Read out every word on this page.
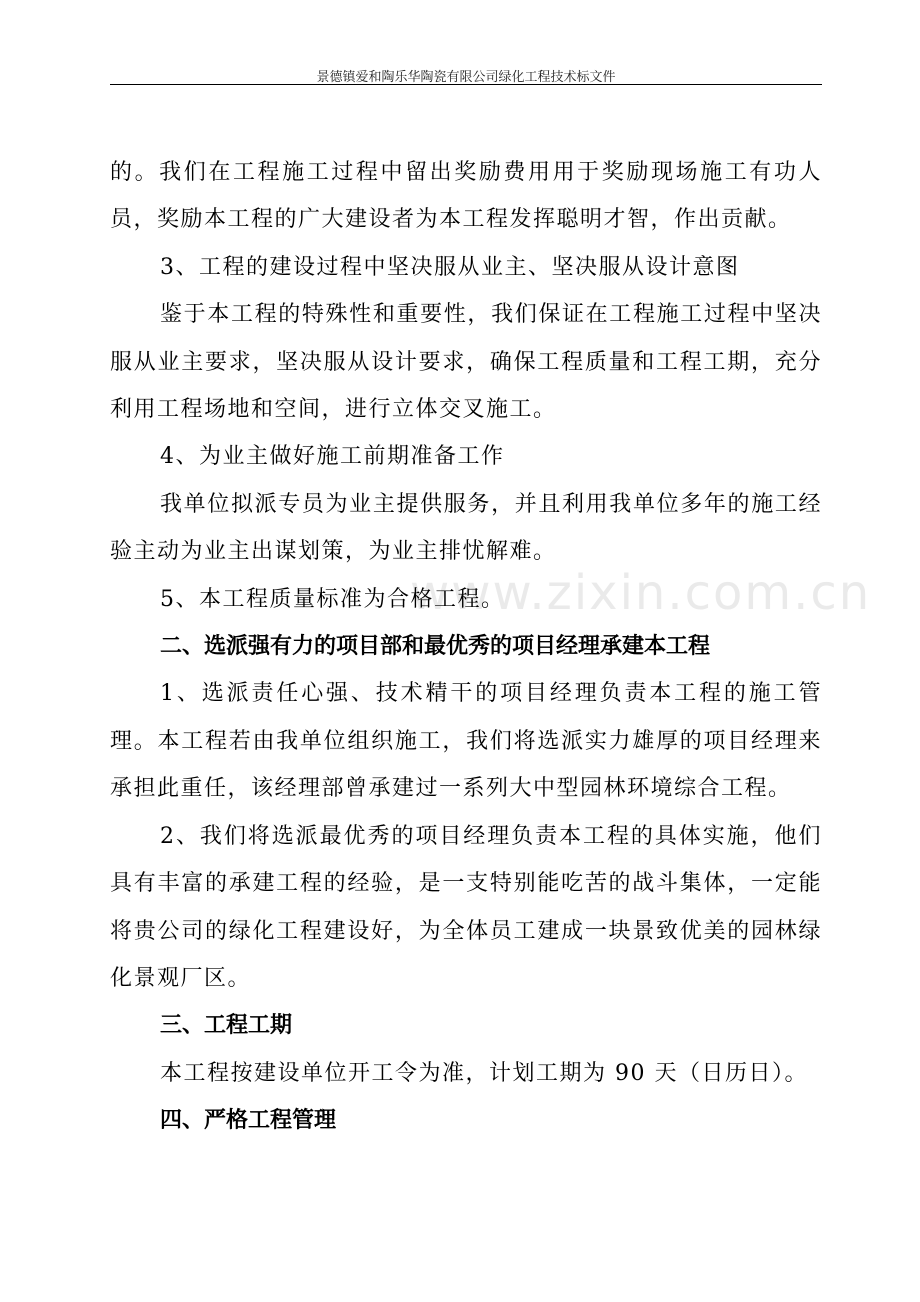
景德镇爱和陶乐华陶瓷有限公司绿化工程技术标文件
www.zixin.com.cn

的。我们在工程施工过程中留出奖励费用用于奖励现场施工有功人员，奖励本工程的广大建设者为本工程发挥聪明才智，作出贡献。

3、工程的建设过程中坚决服从业主、坚决服从设计意图

鉴于本工程的特殊性和重要性，我们保证在工程施工过程中坚决服从业主要求，坚决服从设计要求，确保工程质量和工程工期，充分利用工程场地和空间，进行立体交叉施工。

4、为业主做好施工前期准备工作

我单位拟派专员为业主提供服务，并且利用我单位多年的施工经验主动为业主出谋划策，为业主排忧解难。

5、本工程质量标准为合格工程。

二、选派强有力的项目部和最优秀的项目经理承建本工程

1、选派责任心强、技术精干的项目经理负责本工程的施工管理。本工程若由我单位组织施工，我们将选派实力雄厚的项目经理来承担此重任，该经理部曾承建过一系列大中型园林环境综合工程。

2、我们将选派最优秀的项目经理负责本工程的具体实施，他们具有丰富的承建工程的经验，是一支特别能吃苦的战斗集体，一定能将贵公司的绿化工程建设好，为全体员工建成一块景致优美的园林绿化景观厂区。

三、工程工期

本工程按建设单位开工令为准，计划工期为 90 天（日历日）。

四、严格工程管理
